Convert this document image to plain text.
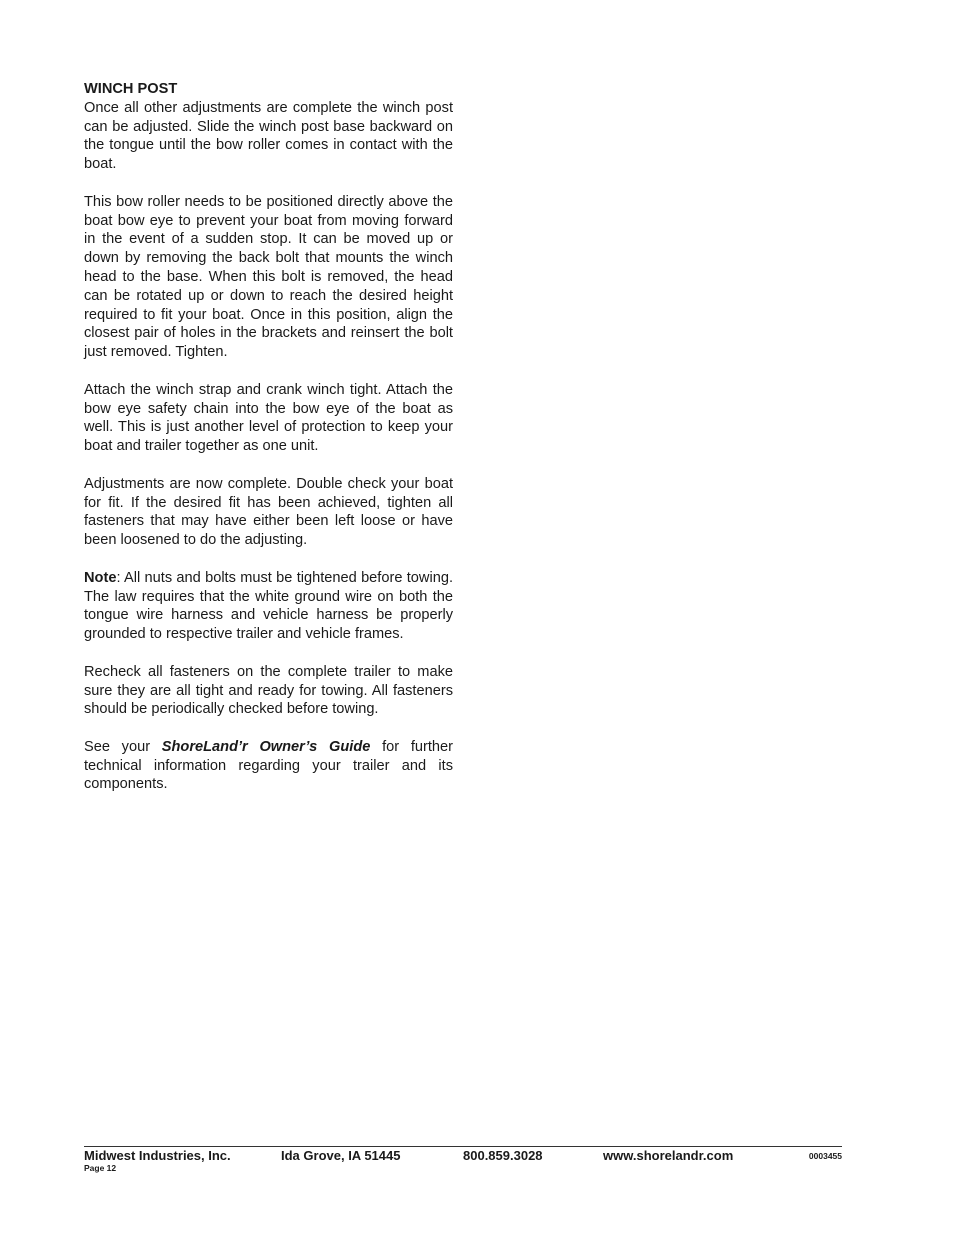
WINCH POST

Once all other adjustments are complete the winch post can be adjusted. Slide the winch post base backward on the tongue until the bow roller comes in contact with the boat.

This bow roller needs to be positioned directly above the boat bow eye to prevent your boat from moving forward in the event of a sudden stop. It can be moved up or down by removing the back bolt that mounts the winch head to the base. When this bolt is removed, the head can be rotated up or down to reach the desired height required to fit your boat. Once in this position, align the closest pair of holes in the brackets and reinsert the bolt just removed. Tighten.

Attach the winch strap and crank winch tight. Attach the bow eye safety chain into the bow eye of the boat as well. This is just another level of protection to keep your boat and trailer together as one unit.

Adjustments are now complete. Double check your boat for fit. If the desired fit has been achieved, tighten all fasteners that may have either been left loose or have been loosened to do the adjusting.

Note: All nuts and bolts must be tightened before towing. The law requires that the white ground wire on both the tongue wire harness and vehicle harness be properly grounded to respective trailer and vehicle frames.

Recheck all fasteners on the complete trailer to make sure they are all tight and ready for towing. All fasteners should be periodically checked before towing.

See your ShoreLand’r Owner’s Guide for further technical information regarding your trailer and its components.

Midwest Industries, Inc.	Ida Grove, IA 51445	800.859.3028	www.shorelandr.com	0003455
Page 12
